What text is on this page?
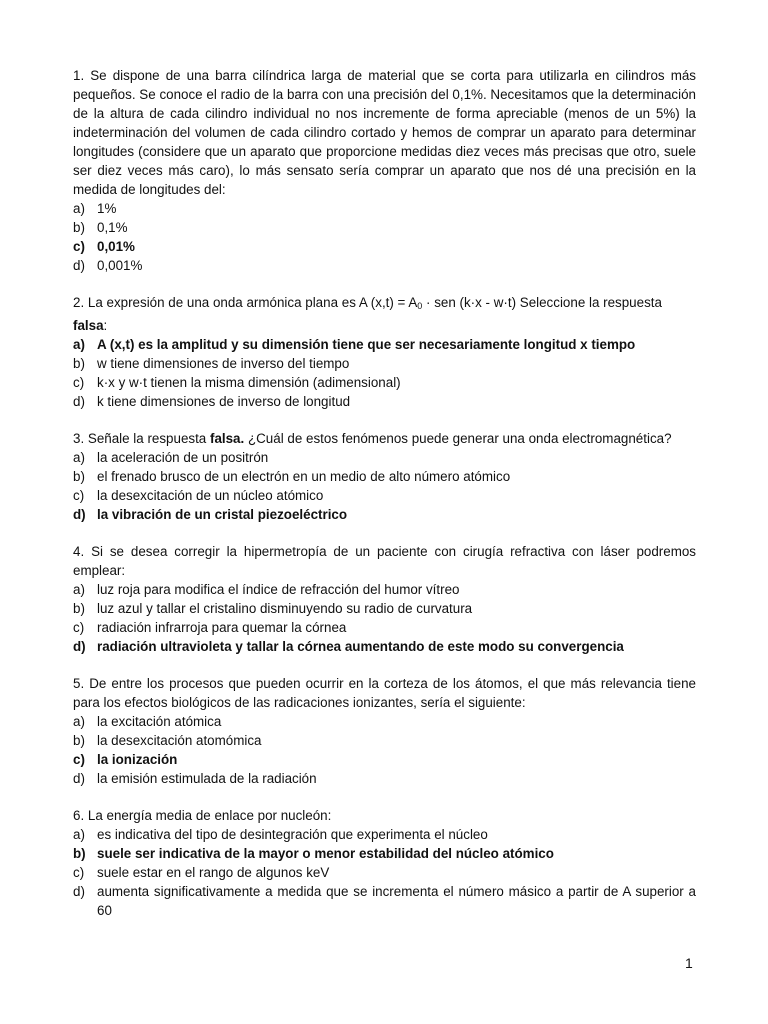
1. Se dispone de una barra cilíndrica larga de material que se corta para utilizarla en cilindros más pequeños. Se conoce el radio de la barra con una precisión del 0,1%. Necesitamos que la determinación de la altura de cada cilindro individual no nos incremente de forma apreciable (menos de un 5%) la indeterminación del volumen de cada cilindro cortado y hemos de comprar un aparato para determinar longitudes (considere que un aparato que proporcione medidas diez veces más precisas que otro, suele ser diez veces más caro), lo más sensato sería comprar un aparato que nos dé una precisión en la medida de longitudes del:

a) 1%
b) 0,1%
c) 0,01%
d) 0,001%

2. La expresión de una onda armónica plana es A $(x,t) = A_0$ · sen (k·x - w·t) Seleccione la respuesta
falsa:

a) A (x,t) es la amplitud y su dimensión tiene que ser necesariamente longitud x tiempo
b) w tiene dimensiones de inverso del tiempo
c) k·x y w·t tienen la misma dimensión (adimensional)
d) k tiene dimensiones de inverso de longitud

3. Señale la respuesta falsa. ¿Cuál de estos fenómenos puede generar una onda electromagnética?

a) la aceleración de un positrón
b) el frenado brusco de un electrón en un medio de alto número atómico
c) la desexcitación de un núcleo atómico
d) la vibración de un cristal piezoeléctrico

4. Si se desea corregir la hipermetropía de un paciente con cirugía refractiva con láser podremos emplear:

a) luz roja para modifica el índice de refracción del humor vítreo
b) luz azul y tallar el cristalino disminuyendo su radio de curvatura
c) radiación infrarroja para quemar la córnea
d) radiación ultravioleta y tallar la córnea aumentando de este modo su convergencia

5. De entre los procesos que pueden ocurrir en la corteza de los átomos, el que más relevancia tiene para los efectos biológicos de las radicaciones ionizantes, sería el siguiente:

a) la excitación atómica
b) la desexcitación atomómica
c) la ionización
d) la emisión estimulada de la radiación

6. La energía media de enlace por nucleón:

a) es indicativa del tipo de desintegración que experimenta el núcleo
b) suele ser indicativa de la mayor o menor estabilidad del núcleo atómico
c) suele estar en el rango de algunos keV
d) aumenta significativamente a medida que se incrementa el número másico a partir de A superior a 60
1
